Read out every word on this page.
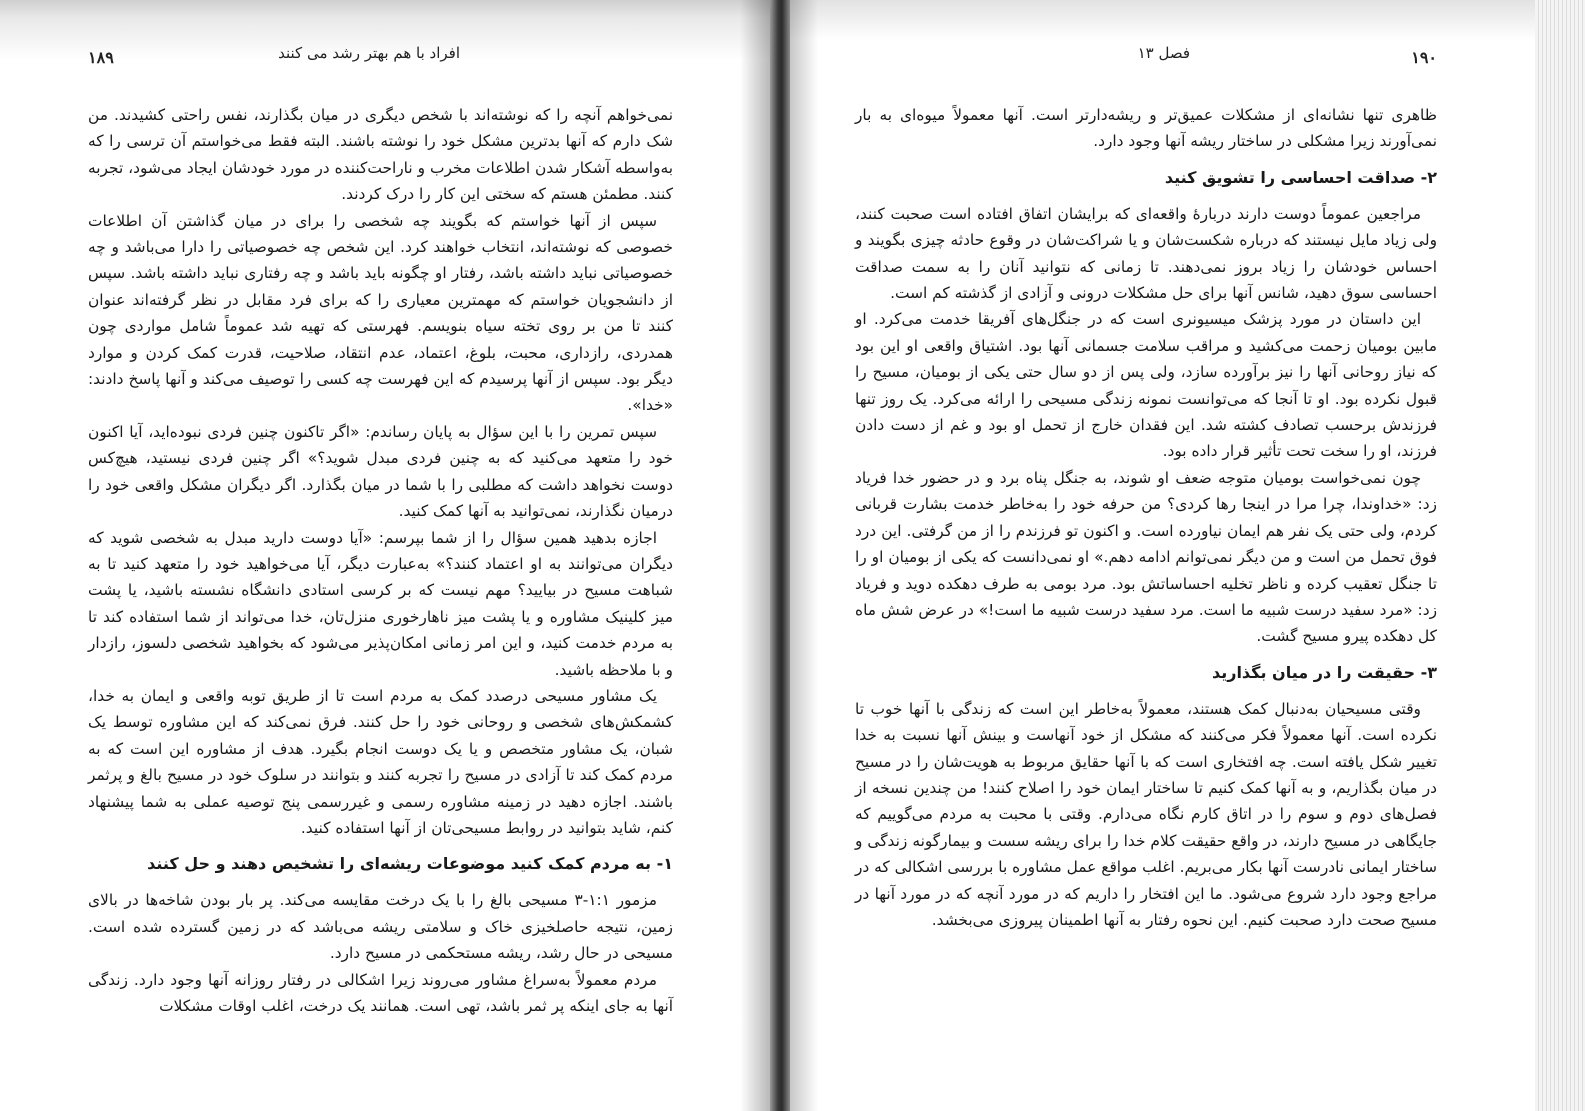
افراد با هم بهتر رشد می کنند
۱۸۹

نمی‌خواهم آنچه را که نوشته‌اند با شخص دیگری در میان بگذارند، نفس راحتی کشیدند. من شک دارم که آنها بدترین مشکل خود را نوشته باشند. البته فقط می‌خواستم آن ترسی را که به‌واسطه آشکار شدن اطلاعات مخرب و ناراحت‌کننده در مورد خودشان ایجاد می‌شود، تجربه کنند. مطمئن هستم که سختی این کار را درک کردند.

سپس از آنها خواستم که بگویند چه شخصی را برای در میان گذاشتن آن اطلاعات خصوصی که نوشته‌اند، انتخاب خواهند کرد. این شخص چه خصوصیاتی را دارا می‌باشد و چه خصوصیاتی نباید داشته باشد، رفتار او چگونه باید باشد و چه رفتاری نباید داشته باشد. سپس از دانشجویان خواستم که مهمترین معیاری را که برای فرد مقابل در نظر گرفته‌اند عنوان کنند تا من بر روی تخته سیاه بنویسم. فهرستی که تهیه شد عموماً شامل مواردی چون همدردی، رازداری، محبت، بلوغ، اعتماد، عدم انتقاد، صلاحیت، قدرت کمک کردن و موارد دیگر بود. سپس از آنها پرسیدم که این فهرست چه کسی را توصیف می‌کند و آنها پاسخ دادند: «خدا».

سپس تمرین را با این سؤال به پایان رساندم: «اگر تاکنون چنین فردی نبوده‌اید، آیا اکنون خود را متعهد می‌کنید که به چنین فردی مبدل شوید؟» اگر چنین فردی نیستید، هیچ‌کس دوست نخواهد داشت که مطلبی را با شما در میان بگذارد. اگر دیگران مشکل واقعی خود را درمیان نگذارند، نمی‌توانید به آنها کمک کنید.

اجازه بدهید همین سؤال را از شما بپرسم: «آیا دوست دارید مبدل به شخصی شوید که دیگران می‌توانند به او اعتماد کنند؟» به‌عبارت دیگر، آیا می‌خواهید خود را متعهد کنید تا به شباهت مسیح در بیایید؟ مهم نیست که بر کرسی استادی دانشگاه نشسته باشید، یا پشت میز کلینیک مشاوره و یا پشت میز ناهارخوری منزل‌تان، خدا می‌تواند از شما استفاده کند تا به مردم خدمت کنید، و این امر زمانی امکان‌پذیر می‌شود که بخواهید شخصی دلسوز، رازدار و با ملاحظه باشید.

یک مشاور مسیحی درصدد کمک به مردم است تا از طریق توبه واقعی و ایمان به خدا، کشمکش‌های شخصی و روحانی خود را حل کنند. فرق نمی‌کند که این مشاوره توسط یک شبان، یک مشاور متخصص و یا یک دوست انجام بگیرد. هدف از مشاوره این است که به مردم کمک کند تا آزادی در مسیح را تجربه کنند و بتوانند در سلوک خود در مسیح بالغ و پرثمر باشند. اجازه دهید در زمینه مشاوره رسمی و غیررسمی پنج توصیه عملی به شما پیشنهاد کنم، شاید بتوانید در روابط مسیحی‌تان از آنها استفاده کنید.

۱- به مردم کمک کنید موضوعات ریشه‌ای را تشخیص دهند و حل کنند

مزمور ۱:۱-۳ مسیحی بالغ را با یک درخت مقایسه می‌کند. پر بار بودن شاخه‌ها در بالای زمین، نتیجه حاصلخیزی خاک و سلامتی ریشه می‌باشد که در زمین گسترده شده است. مسیحی در حال رشد، ریشه مستحکمی در مسیح دارد.

مردم معمولاً به‌سراغ مشاور می‌روند زیرا اشکالی در رفتار روزانه آنها وجود دارد. زندگی آنها به جای اینکه پر ثمر باشد، تهی است. همانند یک درخت، اغلب اوقات مشکلات

فصل ۱۳	۱۹۰

ظاهری تنها نشانه‌ای از مشکلات عمیق‌تر و ریشه‌دارتر است. آنها معمولاً میوه‌ای به بار نمی‌آورند زیرا مشکلی در ساختار ریشه آنها وجود دارد.

۲- صداقت احساسی را تشویق کنید

مراجعین عموماً دوست دارند دربارهٔ واقعه‌ای که برایشان اتفاق افتاده است صحبت کنند، ولی زیاد مایل نیستند که درباره شکست‌شان و یا شراکت‌شان در وقوع حادثه چیزی بگویند و احساس خودشان را زیاد بروز نمی‌دهند. تا زمانی که نتوانید آنان را به سمت صداقت احساسی سوق دهید، شانس آنها برای حل مشکلات درونی و آزادی از گذشته کم است.

این داستان در مورد پزشک میسیونری است که در جنگل‌های آفریقا خدمت می‌کرد. او مابین بومیان زحمت می‌کشید و مراقب سلامت جسمانی آنها بود. اشتیاق واقعی او این بود که نیاز روحانی آنها را نیز برآورده سازد، ولی پس از دو سال حتی یکی از بومیان، مسیح را قبول نکرده بود. او تا آنجا که می‌توانست نمونه زندگی مسیحی را ارائه می‌کرد. یک روز تنها فرزندش برحسب تصادف کشته شد. این فقدان خارج از تحمل او بود و غم از دست دادن فرزند، او را سخت تحت تأثیر قرار داده بود.

چون نمی‌خواست بومیان متوجه ضعف او شوند، به جنگل پناه برد و در حضور خدا فریاد زد: «خداوندا، چرا مرا در اینجا رها کردی؟ من حرفه خود را به‌خاطر خدمت بشارت قربانی کردم، ولی حتی یک نفر هم ایمان نیاورده است. و اکنون تو فرزندم را از من گرفتی. این درد فوق تحمل من است و من دیگر نمی‌توانم ادامه دهم.» او نمی‌دانست که یکی از بومیان او را تا جنگل تعقیب کرده و ناظر تخلیه احساساتش بود. مرد بومی به طرف دهکده دوید و فریاد زد: «مرد سفید درست شبیه ما است. مرد سفید درست شبیه ما است!» در عرض شش ماه کل دهکده پیرو مسیح گشت.

۳- حقیقت را در میان بگذارید

وقتی مسیحیان به‌دنبال کمک هستند، معمولاً به‌خاطر این است که زندگی با آنها خوب تا نکرده است. آنها معمولاً فکر می‌کنند که مشکل از خود آنهاست و بینش آنها نسبت به خدا تغییر شکل یافته است. چه افتخاری است که با آنها حقایق مربوط به هویت‌شان را در مسیح در میان بگذاریم، و به آنها کمک کنیم تا ساختار ایمان خود را اصلاح کنند! من چندین نسخه از فصل‌های دوم و سوم را در اتاق کارم نگاه می‌دارم. وقتی با محبت به مردم می‌گوییم که جایگاهی در مسیح دارند، در واقع حقیقت کلام خدا را برای ریشه سست و بیمارگونه زندگی و ساختار ایمانی نادرست آنها بکار می‌بریم. اغلب مواقع عمل مشاوره با بررسی اشکالی که در مراجع وجود دارد شروع می‌شود. ما این افتخار را داریم که در مورد آنچه که در مورد آنها در مسیح صحت دارد صحبت کنیم. این نحوه رفتار به آنها اطمینان پیروزی می‌بخشد.
